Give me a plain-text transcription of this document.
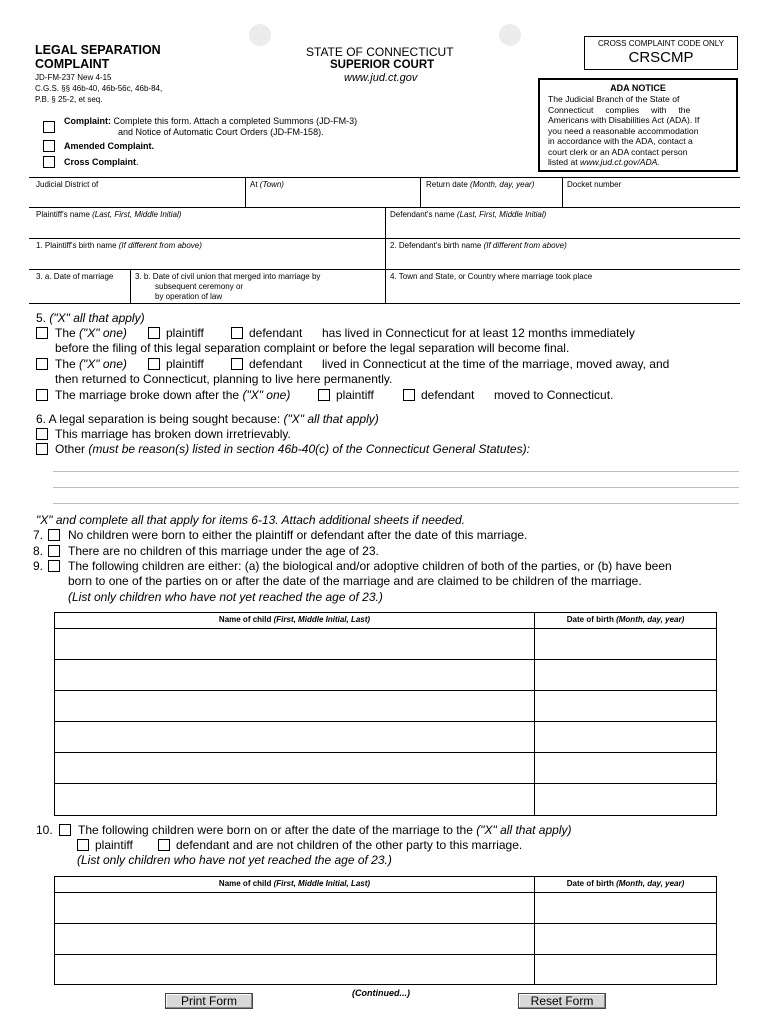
LEGAL SEPARATION
COMPLAINT
JD-FM-237 New 4-15
C.G.S. §§ 46b-40, 46b-56c, 46b-84,
P.B. § 25-2, et seq.
STATE OF CONNECTICUT
SUPERIOR COURT
www.jud.ct.gov
CROSS COMPLAINT CODE ONLY
CRSCMP
ADA NOTICE
The Judicial Branch of the State of
Connecticut     complies     with     the
Americans with Disabilities Act (ADA). If
you need a reasonable accommodation
in accordance with the ADA, contact a
court clerk or an ADA contact person
listed at www.jud.ct.gov/ADA.
Complaint: Complete this form. Attach a completed Summons (JD-FM-3)
and Notice of Automatic Court Orders (JD-FM-158).
Amended Complaint.
Cross Complaint.
Judicial District of	At (Town)	Return date (Month, day, year)	Docket number
Plaintiff's name (Last, First, Middle Initial)	Defendant's name (Last, First, Middle Initial)
1. Plaintiff's birth name (If different from above)	2. Defendant's birth name (If different from above)
3. a. Date of marriage	3. b. Date of civil union that merged into marriage by
subsequent ceremony or
by operation of law
4. Town and State, or Country where marriage took place
5. ("X" all that apply)
The ("X" one)	plaintiff	defendant has lived in Connecticut for at least 12 months immediately
before the filing of this legal separation complaint or before the legal separation will become final.
The ("X" one)	plaintiff	defendant lived in Connecticut at the time of the marriage, moved away, and
then returned to Connecticut, planning to live here permanently.
The marriage broke down after the ("X" one)	plaintiff	defendant moved to Connecticut.
6. A legal separation is being sought because: ("X" all that apply)
This marriage has broken down irretrievably.
Other (must be reason(s) listed in section 46b-40(c) of the Connecticut General Statutes):
"X" and complete all that apply for items 6-13. Attach additional sheets if needed.
7. No children were born to either the plaintiff or defendant after the date of this marriage.
8. There are no children of this marriage under the age of 23.
9. The following children are either: (a) the biological and/or adoptive children of both of the parties, or (b) have been
born to one of the parties on or after the date of the marriage and are claimed to be children of the marriage.
(List only children who have not yet reached the age of 23.)
Name of child (First, Middle Initial, Last)	Date of birth (Month, day, year)
10. The following children were born on or after the date of the marriage to the ("X" all that apply)
plaintiff	defendant and are not children of the other party to this marriage.
(List only children who have not yet reached the age of 23.)
Name of child (First, Middle Initial, Last)	Date of birth (Month, day, year)
Print Form
(Continued...)
Reset Form
